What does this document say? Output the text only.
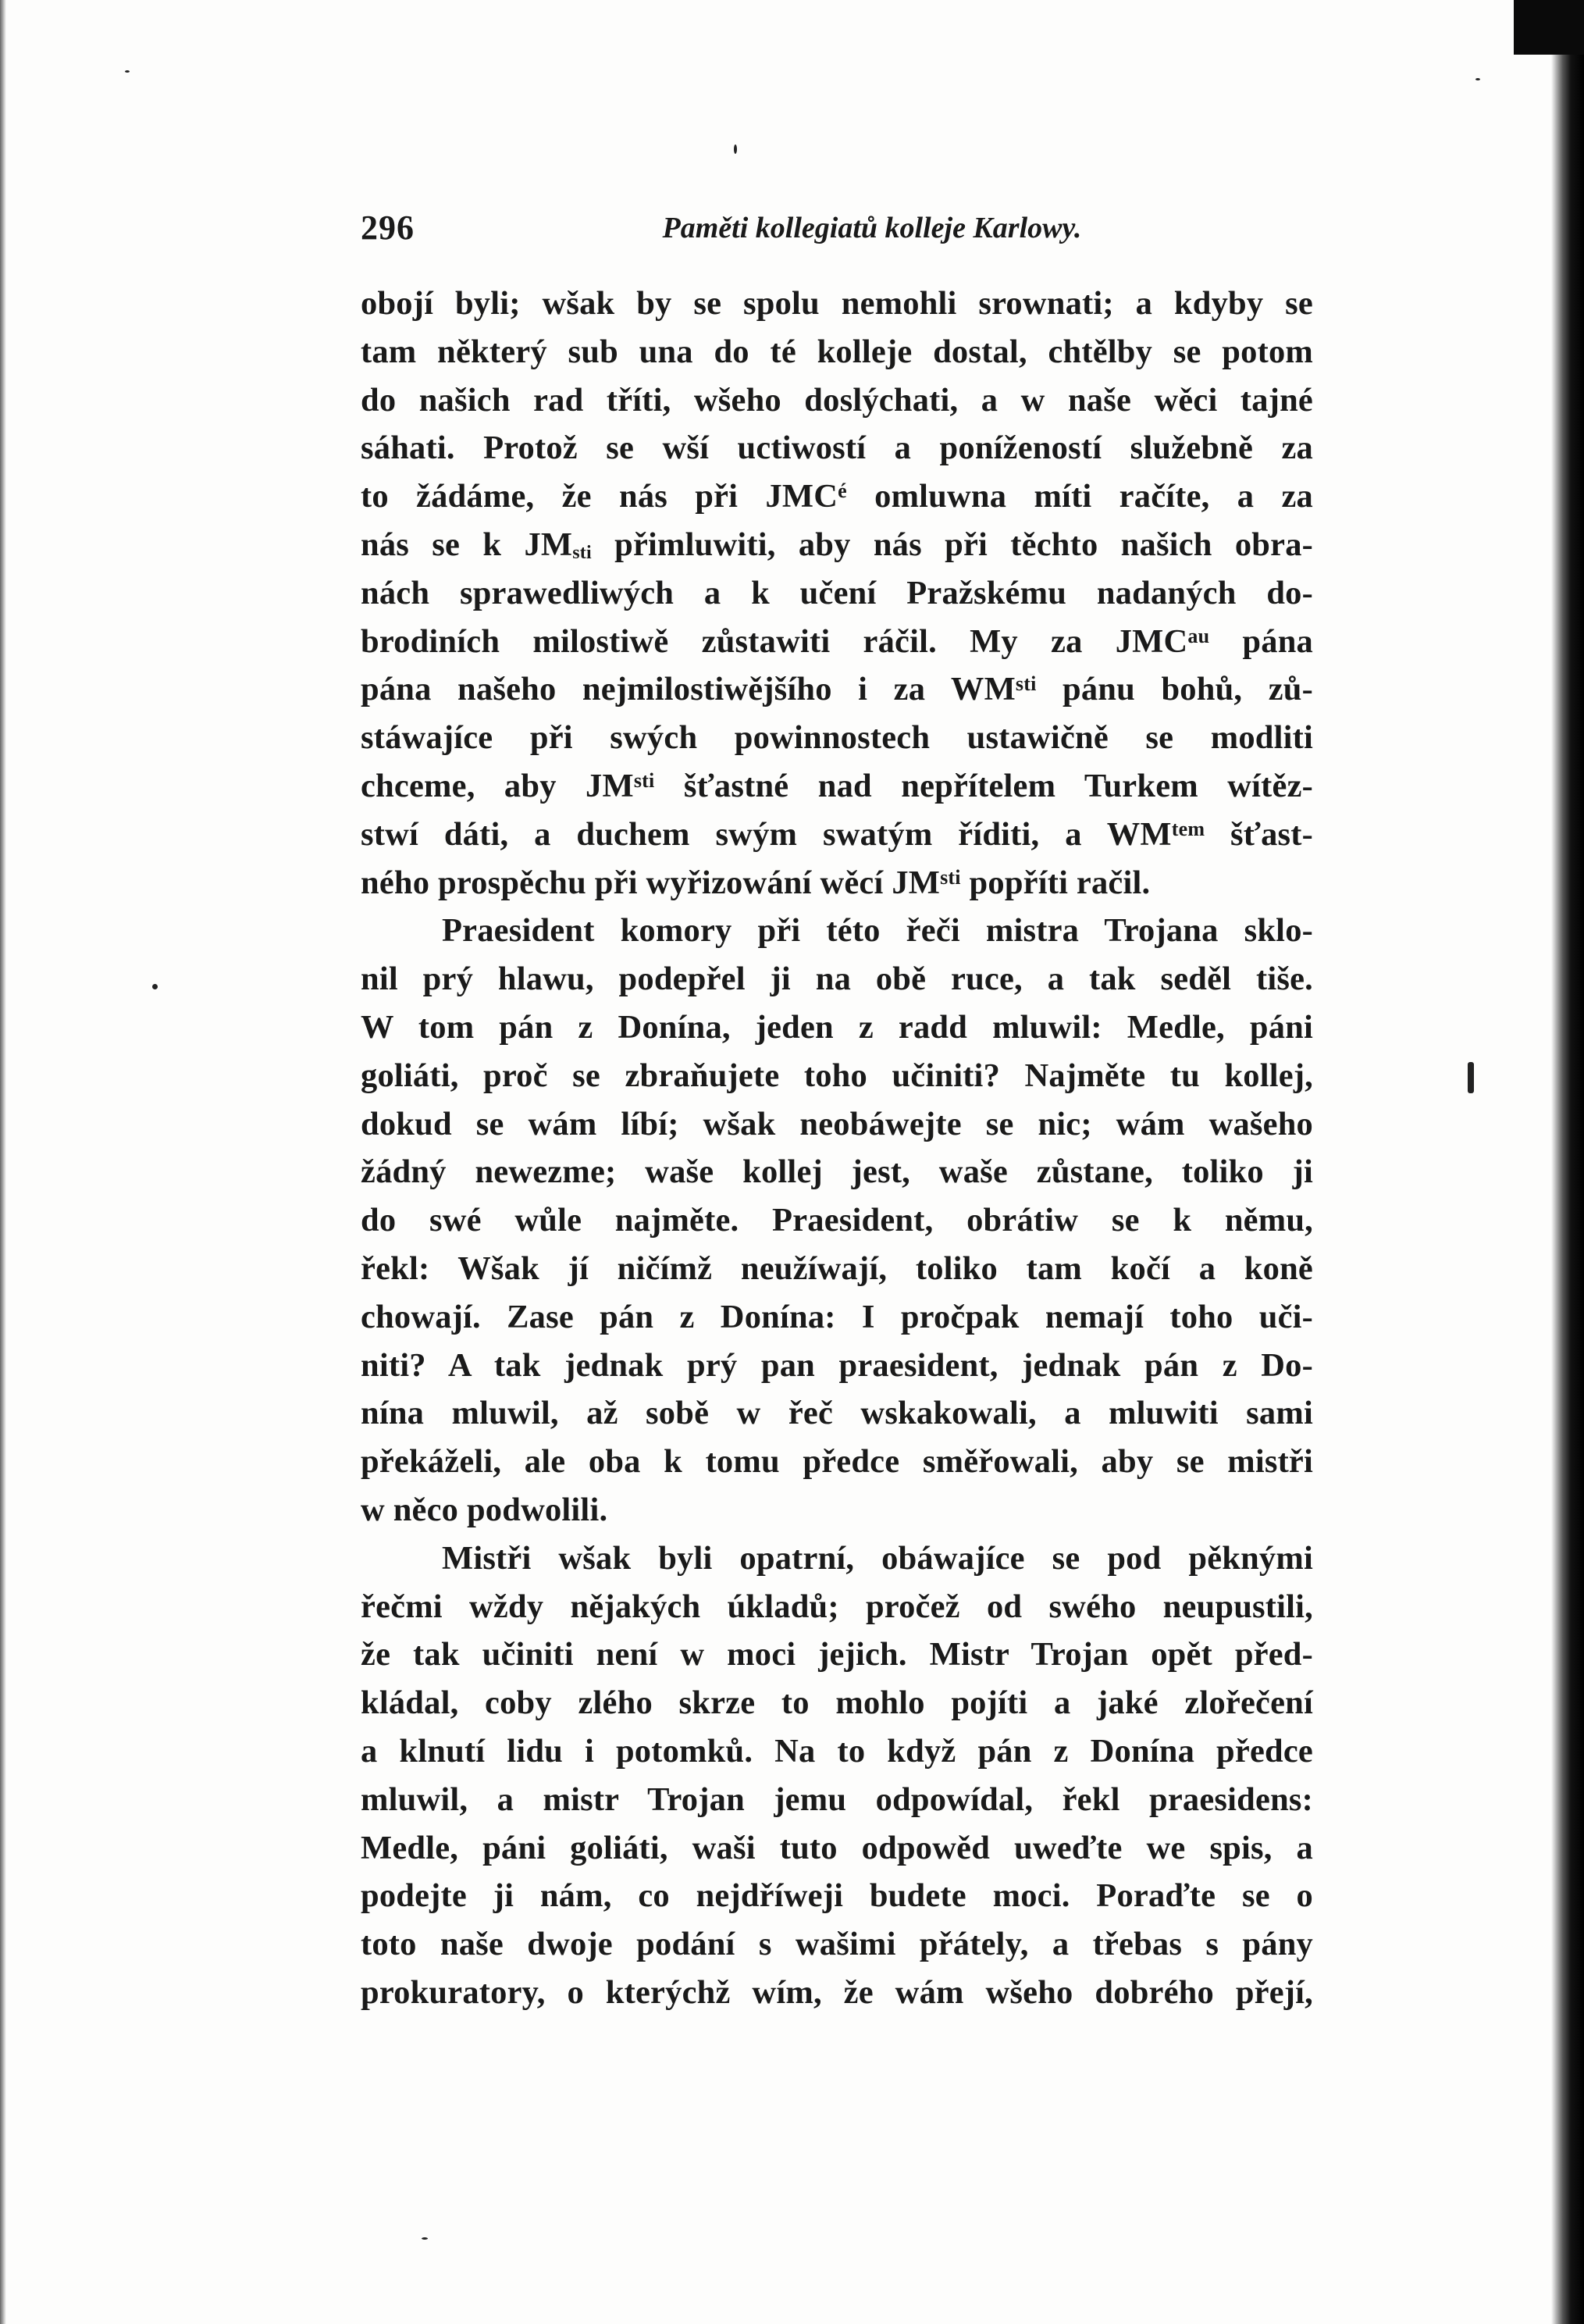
296	Paměti kollegiatů kolleje Karlowy.
obojí byli; wšak by se spolu nemohli srownati; a kdyby se
tam některý sub una do té kolleje dostal, chtělby se potom
do našich rad tříti, wšeho doslýchati, a w naše wěci tajné
sáhati. Protož se wší uctiwostí a ponížeností služebně za
to žádáme, že nás při $JMC^é$ omluwna míti račíte, a za
nás se k $JM_{sti}$ přimluwiti, aby nás při těchto našich obra-
nách sprawedliwých a k učení Pražskému nadaných do-
brodiních milostiwě zůstawiti ráčil. My za $JMC^{au}$ pána
pána našeho nejmilostiwějšího i za $WM^{sti}$ pánu bohů, zů-
stáwajíce při swých powinnostech ustawičně se modliti
chceme, aby $JM^{sti}$ šťastné nad nepřítelem Turkem wítěz-
stwí dáti, a duchem swým swatým říditi, a $WM^{tem}$ šťast-
ného prospěchu při wyřizowání wěcí $JM^{sti}$ popříti račil.
Praesident komory při této řeči mistra Trojana sklo-
nil prý hlawu, podepřel ji na obě ruce, a tak seděl tiše.
W tom pán z Donína, jeden z radd mluwil: Medle, páni
goliáti, proč se zbraňujete toho učiniti? Najměte tu kollej,
dokud se wám líbí; wšak neobáwejte se nic; wám wašeho
žádný newezme; waše kollej jest, waše zůstane, toliko ji
do swé wůle najměte. Praesident, obrátiw se k němu,
řekl: Wšak jí ničímž neužíwají, toliko tam kočí a koně
chowají. Zase pán z Donína: I pročpak nemají toho uči-
niti? A tak jednak prý pan praesident, jednak pán z Do-
nína mluwil, až sobě w řeč wskakowali, a mluwiti sami
překáželi, ale oba k tomu předce směřowali, aby se mistři
w něco podwolili.
Mistři wšak byli opatrní, obáwajíce se pod pěknými
řečmi wždy nějakých úkladů; pročež od swého neupustili,
že tak učiniti není w moci jejich. Mistr Trojan opět před-
kládal, coby zlého skrze to mohlo pojíti a jaké zlořečení
a klnutí lidu i potomků. Na to když pán z Donína předce
mluwil, a mistr Trojan jemu odpowídal, řekl praesidens:
Medle, páni goliáti, waši tuto odpowěd uweďte we spis, a
podejte ji nám, co nejdříweji budete moci. Poraďte se o
toto naše dwoje podání s wašimi přátely, a třebas s pány
prokuratory, o kterýchž wím, že wám wšeho dobrého přejí,
